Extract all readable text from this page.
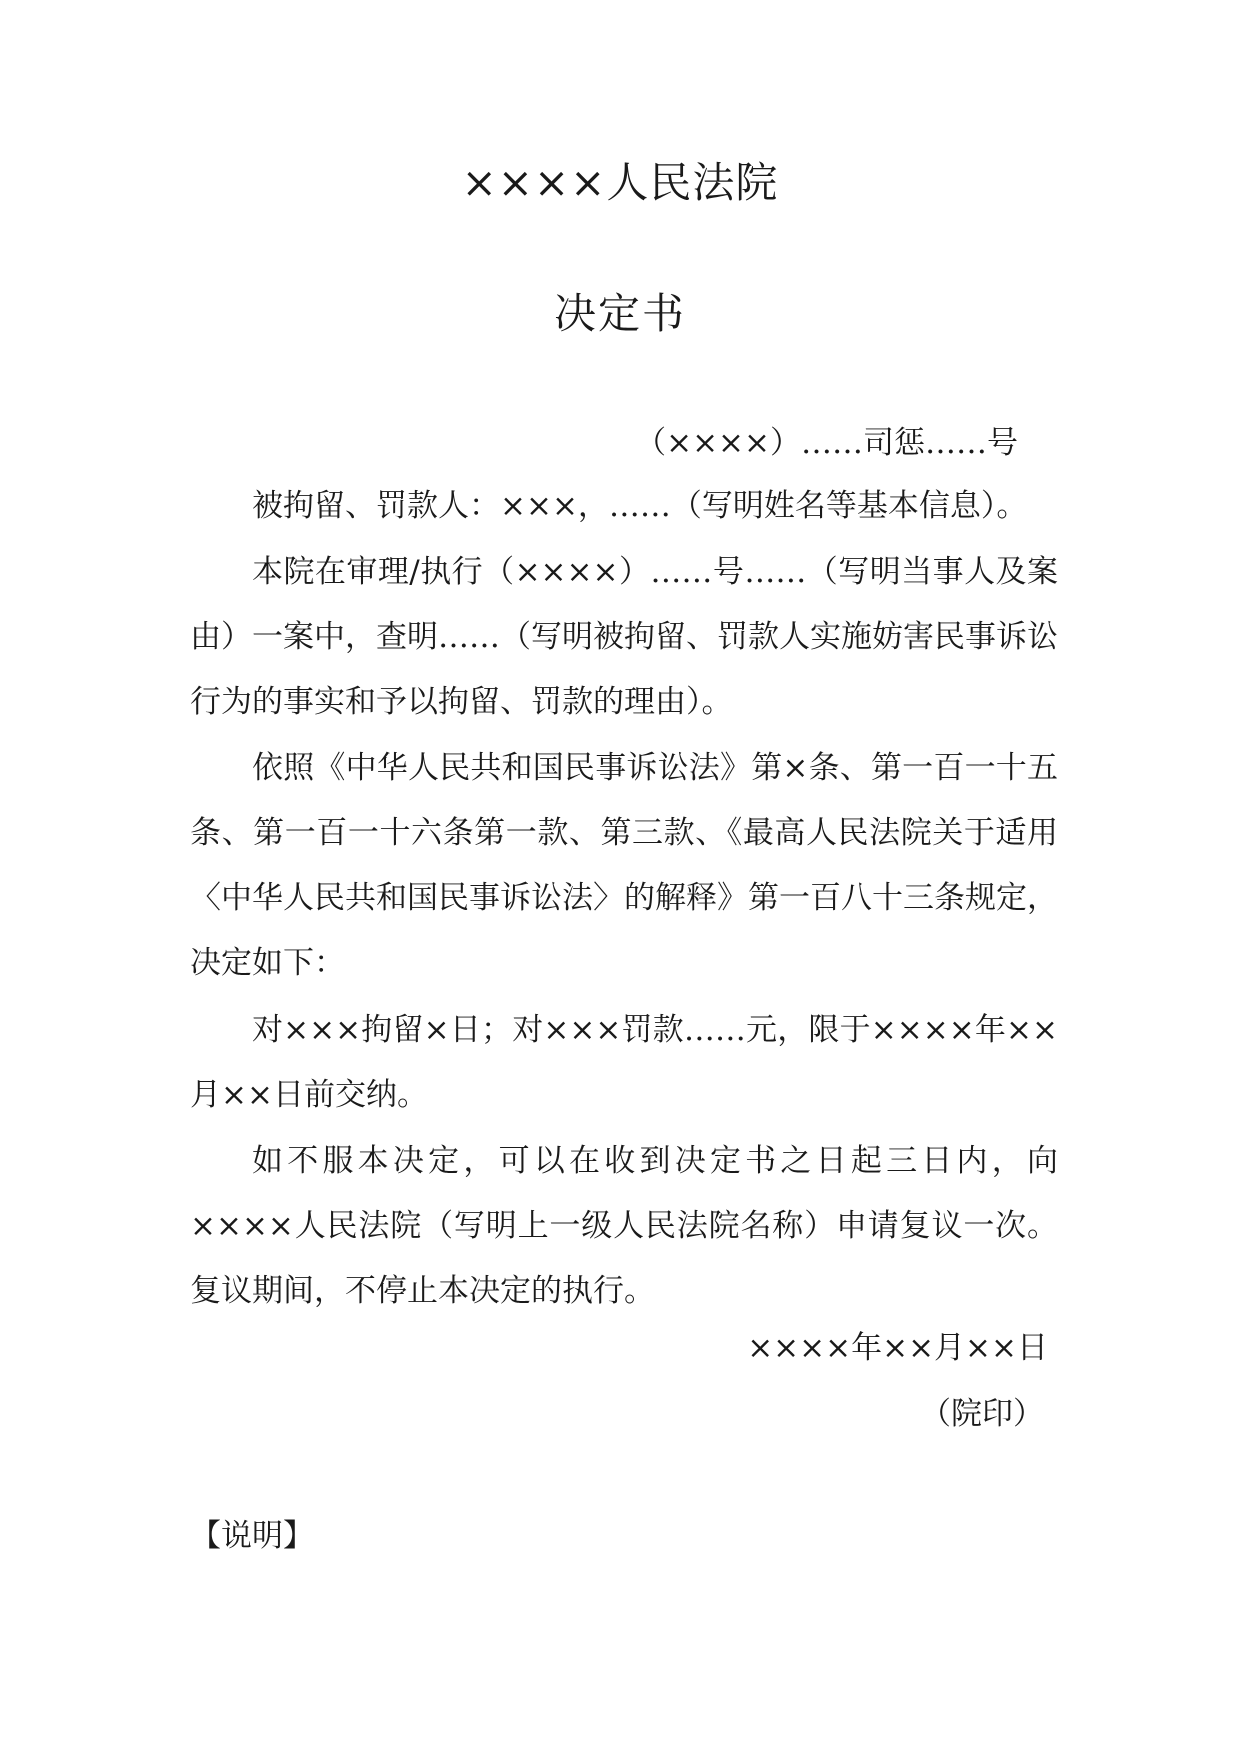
××××人民法院
决定书
（××××）……司惩……号

被拘留、罚款人：×××，……（写明姓名等基本信息）。

本院在审理/执行（××××）……号……（写明当事人及案由）一案中，查明……（写明被拘留、罚款人实施妨害民事诉讼行为的事实和予以拘留、罚款的理由）。

依照《中华人民共和国民事诉讼法》第×条、第一百一十五条、第一百一十六条第一款、第三款、《最高人民法院关于适用〈中华人民共和国民事诉讼法〉的解释》第一百八十三条规定，决定如下：

对×××拘留×日；对×××罚款……元，限于××××年××月××日前交纳。

如不服本决定，可以在收到决定书之日起三日内，向××××人民法院（写明上一级人民法院名称）申请复议一次。复议期间，不停止本决定的执行。

××××年××月××日
（院印）
【说明】
